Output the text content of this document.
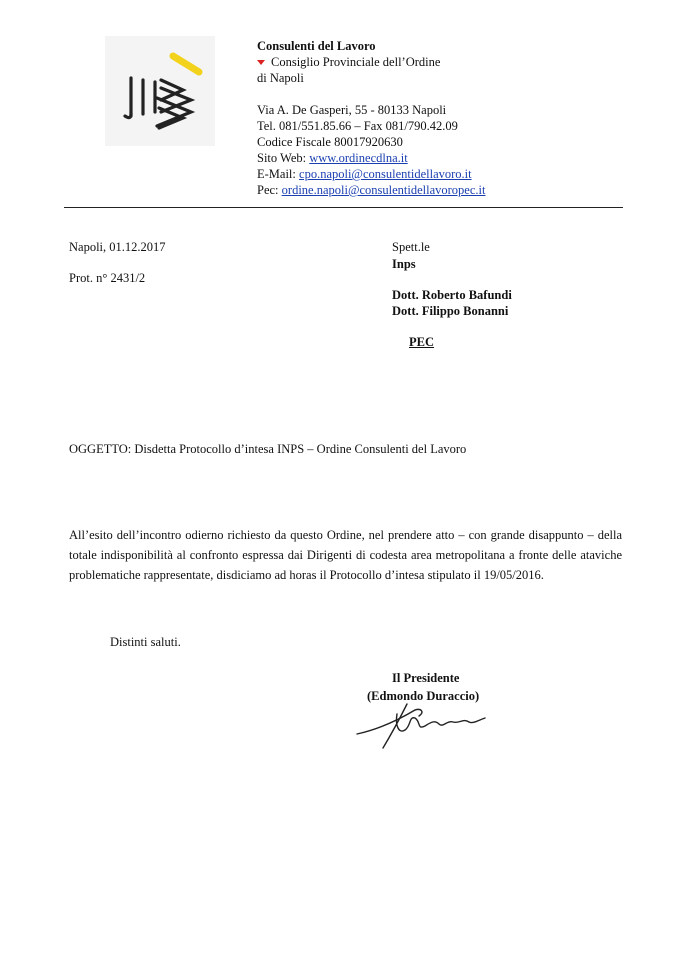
Consulenti del Lavoro
Consiglio Provinciale dell’Ordine
di Napoli
Via A. De Gasperi, 55 - 80133 Napoli
Tel. 081/551.85.66 – Fax 081/790.42.09
Codice Fiscale 80017920630
Sito Web: www.ordinecdlna.it
E-Mail: cpo.napoli@consulentidellavoro.it
Pec: ordine.napoli@consulentidellavoropec.it
Napoli, 01.12.2017
Prot. n° 2431/2
Spett.le
Inps
Dott. Roberto Bafundi
Dott. Filippo Bonanni
PEC
OGGETTO: Disdetta Protocollo d’intesa INPS – Ordine Consulenti del Lavoro
All’esito dell’incontro odierno richiesto da questo Ordine, nel prendere atto – con grande disappunto – della totale indisponibilità al confronto espressa dai Dirigenti di codesta area metropolitana a fronte delle ataviche problematiche rappresentate, disdiciamo ad horas il Protocollo d’intesa stipulato il 19/05/2016.
Distinti saluti.
Il Presidente
(Edmondo Duraccio)
